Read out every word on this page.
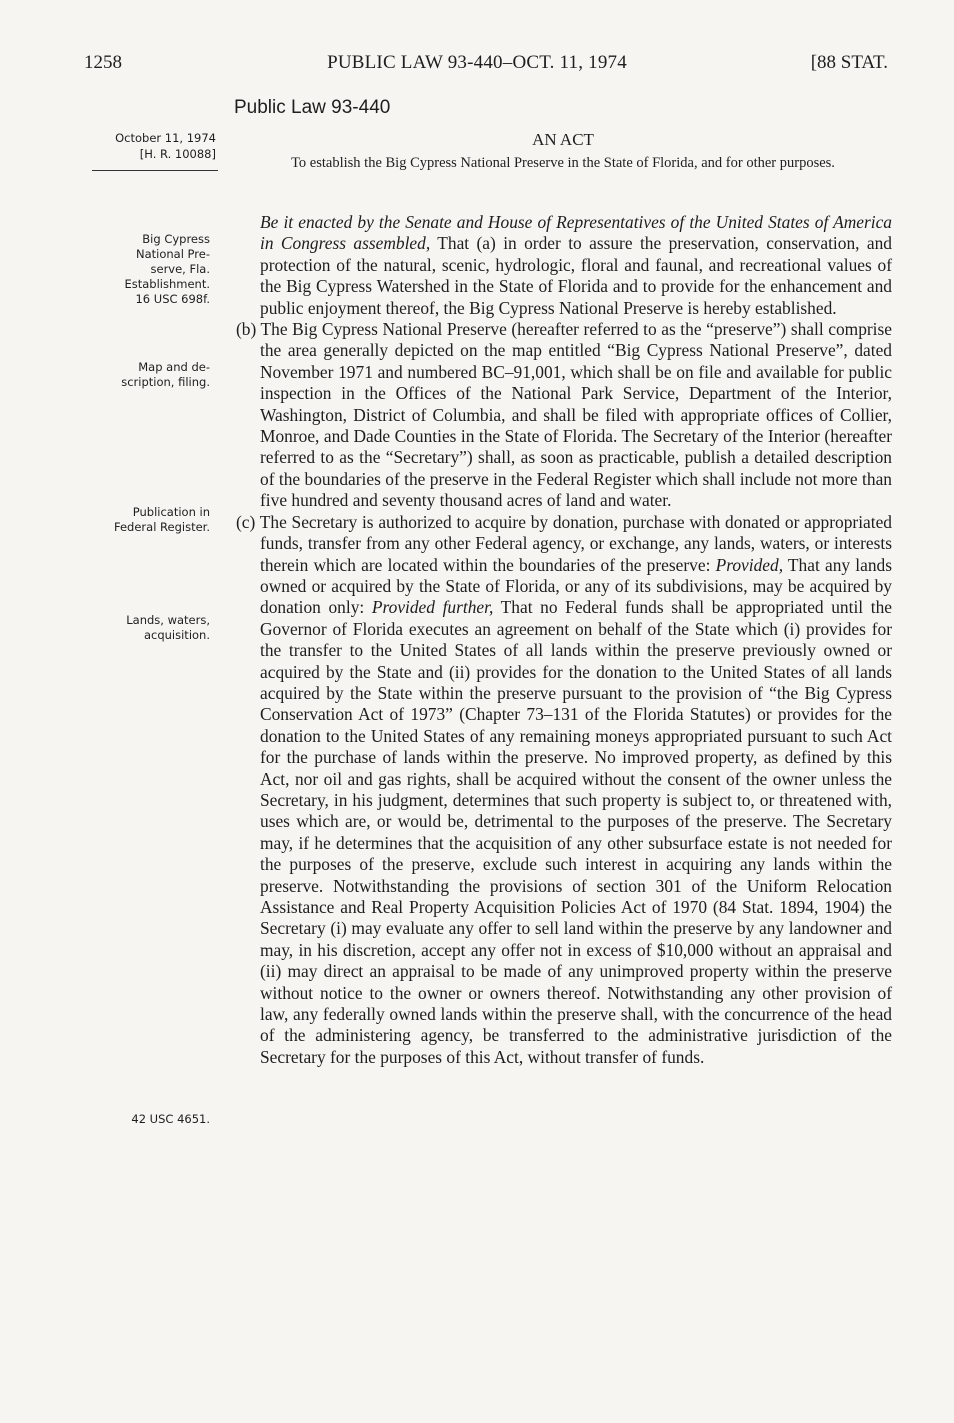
1258	PUBLIC LAW 93-440–OCT. 11, 1974	[88 STAT.
Public Law 93-440
October 11, 1974
[H. R. 10088]
AN ACT
To establish the Big Cypress National Preserve in the State of Florida, and for other purposes.
Big Cypress
National Pre-
serve, Fla.
Establishment.
16 USC 698f.
Map and de-
scription, filing.
Publication in
Federal Register.
Lands, waters,
acquisition.
42 USC 4651.

Be it enacted by the Senate and House of Representatives of the United States of America in Congress assembled, That (a) in order to assure the preservation, conservation, and protection of the natural, scenic, hydrologic, floral and faunal, and recreational values of the Big Cypress Watershed in the State of Florida and to provide for the enhancement and public enjoyment thereof, the Big Cypress National Preserve is hereby established.

(b) The Big Cypress National Preserve (hereafter referred to as the “preserve”) shall comprise the area generally depicted on the map entitled “Big Cypress National Preserve”, dated November 1971 and numbered BC–91,001, which shall be on file and available for public inspection in the Offices of the National Park Service, Department of the Interior, Washington, District of Columbia, and shall be filed with appropriate offices of Collier, Monroe, and Dade Counties in the State of Florida. The Secretary of the Interior (hereafter referred to as the “Secretary”) shall, as soon as practicable, publish a detailed description of the boundaries of the preserve in the Federal Register which shall include not more than five hundred and seventy thousand acres of land and water.

(c) The Secretary is authorized to acquire by donation, purchase with donated or appropriated funds, transfer from any other Federal agency, or exchange, any lands, waters, or interests therein which are located within the boundaries of the preserve: Provided, That any lands owned or acquired by the State of Florida, or any of its subdivisions, may be acquired by donation only: Provided further, That no Federal funds shall be appropriated until the Governor of Florida executes an agreement on behalf of the State which (i) provides for the transfer to the United States of all lands within the preserve previously owned or acquired by the State and (ii) provides for the donation to the United States of all lands acquired by the State within the preserve pursuant to the provision of “the Big Cypress Conservation Act of 1973” (Chapter 73–131 of the Florida Statutes) or provides for the donation to the United States of any remaining moneys appropriated pursuant to such Act for the purchase of lands within the preserve. No improved property, as defined by this Act, nor oil and gas rights, shall be acquired without the consent of the owner unless the Secretary, in his judgment, determines that such property is subject to, or threatened with, uses which are, or would be, detrimental to the purposes of the preserve. The Secretary may, if he determines that the acquisition of any other subsurface estate is not needed for the purposes of the preserve, exclude such interest in acquiring any lands within the preserve. Notwithstanding the provisions of section 301 of the Uniform Relocation Assistance and Real Property Acquisition Policies Act of 1970 (84 Stat. 1894, 1904) the Secretary (i) may evaluate any offer to sell land within the preserve by any landowner and may, in his discretion, accept any offer not in excess of $10,000 without an appraisal and (ii) may direct an appraisal to be made of any unimproved property within the preserve without notice to the owner or owners thereof. Notwithstanding any other provision of law, any federally owned lands within the preserve shall, with the concurrence of the head of the administering agency, be transferred to the administrative jurisdiction of the Secretary for the purposes of this Act, without transfer of funds.
